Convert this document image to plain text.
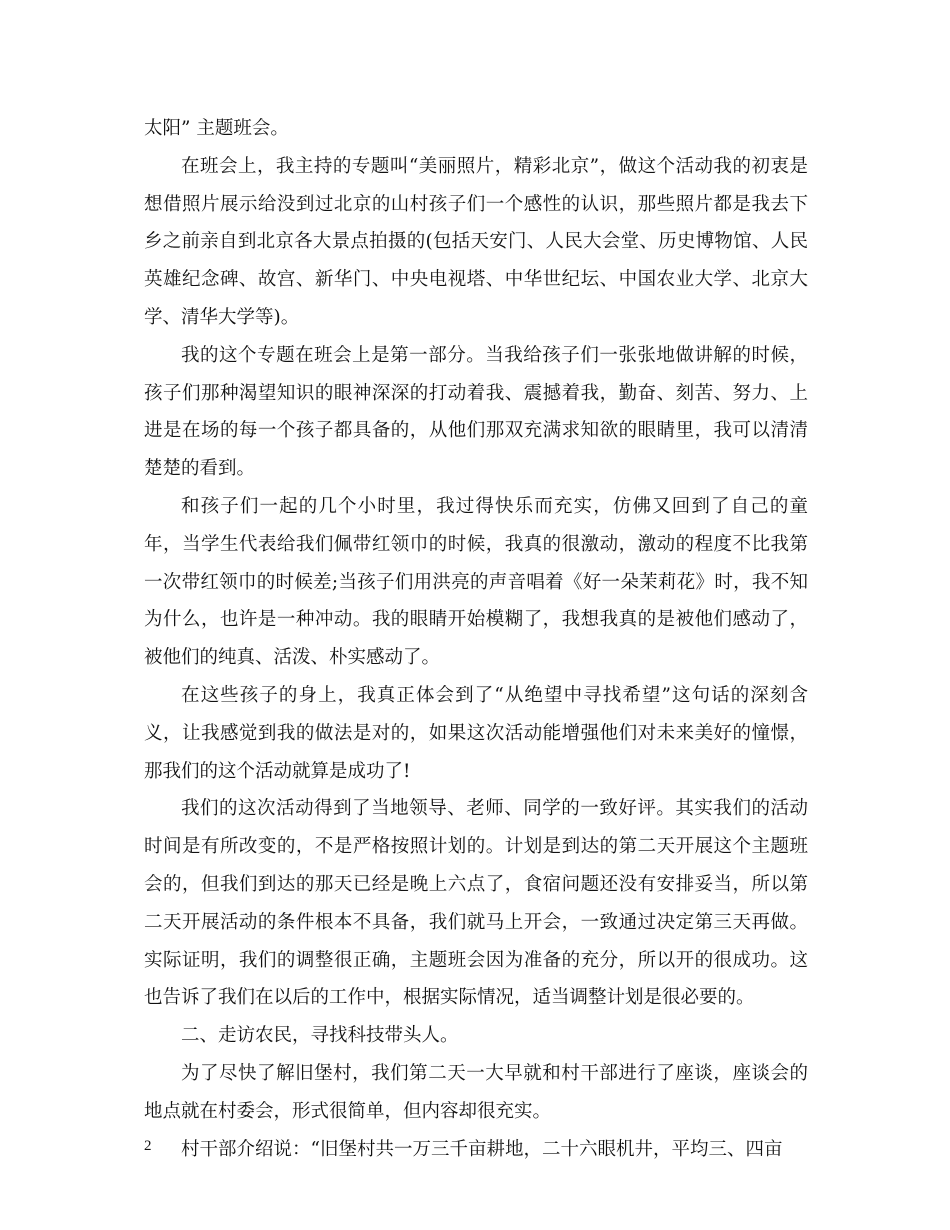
太阳” 主题班会。

在班会上，我主持的专题叫“美丽照片，精彩北京”，做这个活动我的初衷是想借照片展示给没到过北京的山村孩子们一个感性的认识，那些照片都是我去下乡之前亲自到北京各大景点拍摄的(包括天安门、人民大会堂、历史博物馆、人民英雄纪念碑、故宫、新华门、中央电视塔、中华世纪坛、中国农业大学、北京大学、清华大学等)。

我的这个专题在班会上是第一部分。当我给孩子们一张张地做讲解的时候，孩子们那种渴望知识的眼神深深的打动着我、震撼着我，勤奋、刻苦、努力、上进是在场的每一个孩子都具备的，从他们那双充满求知欲的眼睛里，我可以清清楚楚的看到。

和孩子们一起的几个小时里，我过得快乐而充实，仿佛又回到了自己的童年，当学生代表给我们佩带红领巾的时候，我真的很激动，激动的程度不比我第一次带红领巾的时候差;当孩子们用洪亮的声音唱着《好一朵茉莉花》时，我不知为什么，也许是一种冲动。我的眼睛开始模糊了，我想我真的是被他们感动了，被他们的纯真、活泼、朴实感动了。

在这些孩子的身上，我真正体会到了“从绝望中寻找希望”这句话的深刻含义，让我感觉到我的做法是对的，如果这次活动能增强他们对未来美好的憧憬，那我们的这个活动就算是成功了!

我们的这次活动得到了当地领导、老师、同学的一致好评。其实我们的活动时间是有所改变的，不是严格按照计划的。计划是到达的第二天开展这个主题班会的，但我们到达的那天已经是晚上六点了，食宿问题还没有安排妥当，所以第二天开展活动的条件根本不具备，我们就马上开会，一致通过决定第三天再做。实际证明，我们的调整很正确，主题班会因为准备的充分，所以开的很成功。这也告诉了我们在以后的工作中，根据实际情况，适当调整计划是很必要的。

二、走访农民，寻找科技带头人。

为了尽快了解旧堡村，我们第二天一大早就和村干部进行了座谈，座谈会的地点就在村委会，形式很简单，但内容却很充实。

村干部介绍说：“旧堡村共一万三千亩耕地，二十六眼机井，平均三、四亩

2
